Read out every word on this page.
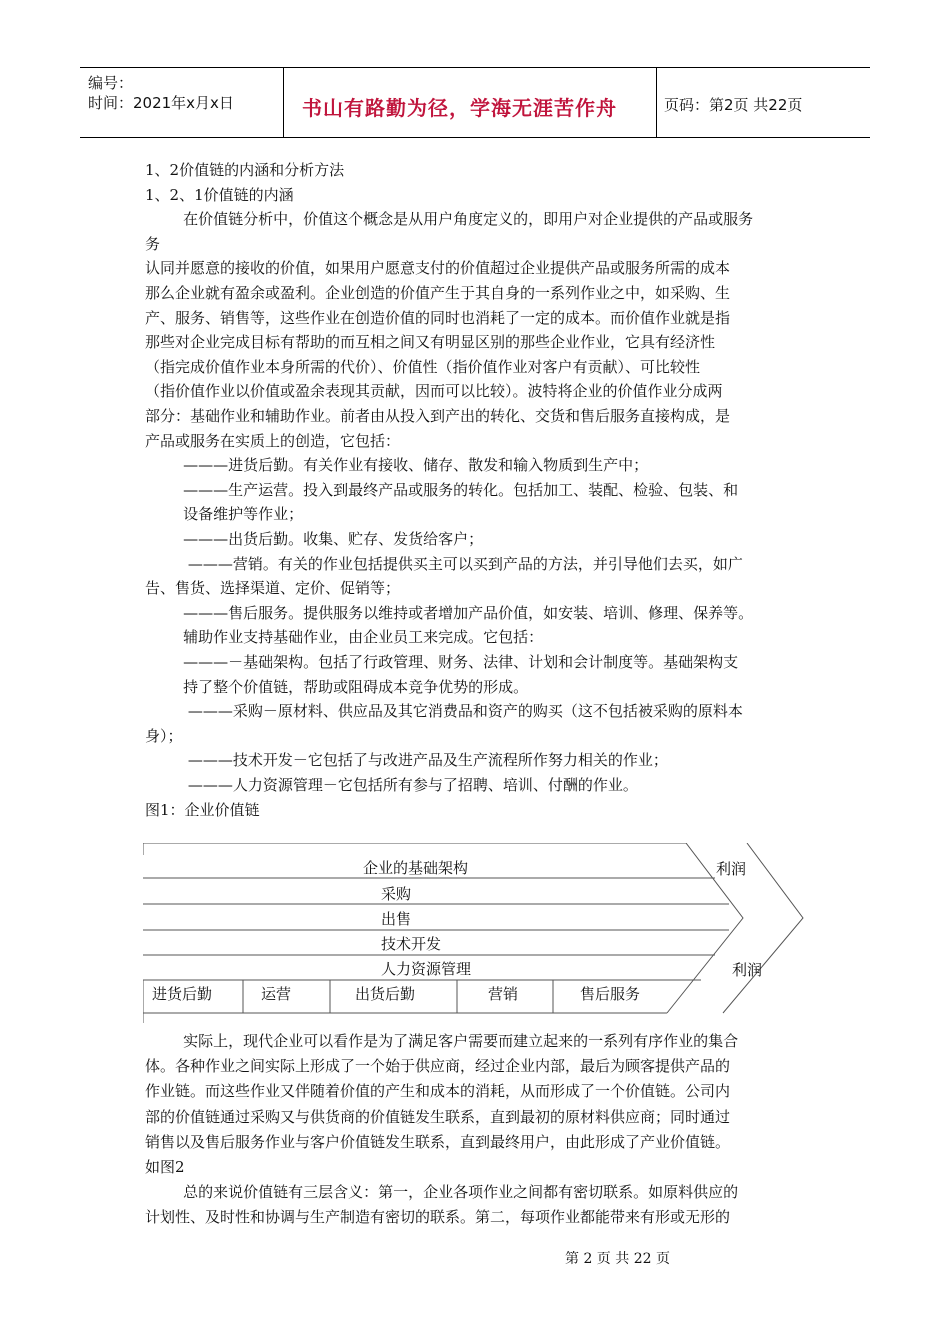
编号：
时间：2021年x月x日	书山有路勤为径，学海无涯苦作舟	页码：第2页 共22页
1、2价值链的内涵和分析方法
1、2、1价值链的内涵
在价值链分析中，价值这个概念是从用户角度定义的，即用户对企业提供的产品或服务
务
认同并愿意的接收的价值，如果用户愿意支付的价值超过企业提供产品或服务所需的成本
那么企业就有盈余或盈利。企业创造的价值产生于其自身的一系列作业之中，如采购、生
产、服务、销售等，这些作业在创造价值的同时也消耗了一定的成本。而价值作业就是指
那些对企业完成目标有帮助的而互相之间又有明显区别的那些企业作业，它具有经济性
（指完成价值作业本身所需的代价）、价值性（指价值作业对客户有贡献）、可比较性
（指价值作业以价值或盈余表现其贡献，因而可以比较）。波特将企业的价值作业分成两
部分：基础作业和辅助作业。前者由从投入到产出的转化、交货和售后服务直接构成，是
产品或服务在实质上的创造，它包括：
———进货后勤。有关作业有接收、储存、散发和输入物质到生产中；
———生产运营。投入到最终产品或服务的转化。包括加工、装配、检验、包装、和
设备维护等作业；
———出货后勤。收集、贮存、发货给客户；
———营销。有关的作业包括提供买主可以买到产品的方法，并引导他们去买，如广
告、售货、选择渠道、定价、促销等；
———售后服务。提供服务以维持或者增加产品价值，如安装、培训、修理、保养等。
辅助作业支持基础作业，由企业员工来完成。它包括：
———－基础架构。包括了行政管理、财务、法律、计划和会计制度等。基础架构支
持了整个价值链，帮助或阻碍成本竞争优势的形成。
———采购－原材料、供应品及其它消费品和资产的购买（这不包括被采购的原料本
身）；
———技术开发－它包括了与改进产品及生产流程所作努力相关的作业；
———人力资源管理－它包括所有参与了招聘、培训、付酬的作业。
图1：企业价值链
企业的基础架构
采购
出售
技术开发
人力资源管理
进货后勤	运营	出货后勤	营销	售后服务
利润
利润
实际上，现代企业可以看作是为了满足客户需要而建立起来的一系列有序作业的集合
体。各种作业之间实际上形成了一个始于供应商，经过企业内部，最后为顾客提供产品的
作业链。而这些作业又伴随着价值的产生和成本的消耗，从而形成了一个价值链。公司内
部的价值链通过采购又与供货商的价值链发生联系，直到最初的原材料供应商；同时通过
销售以及售后服务作业与客户价值链发生联系，直到最终用户，由此形成了产业价值链。
如图2
总的来说价值链有三层含义：第一，企业各项作业之间都有密切联系。如原料供应的
计划性、及时性和协调与生产制造有密切的联系。第二，每项作业都能带来有形或无形的
第 2 页 共 22 页
